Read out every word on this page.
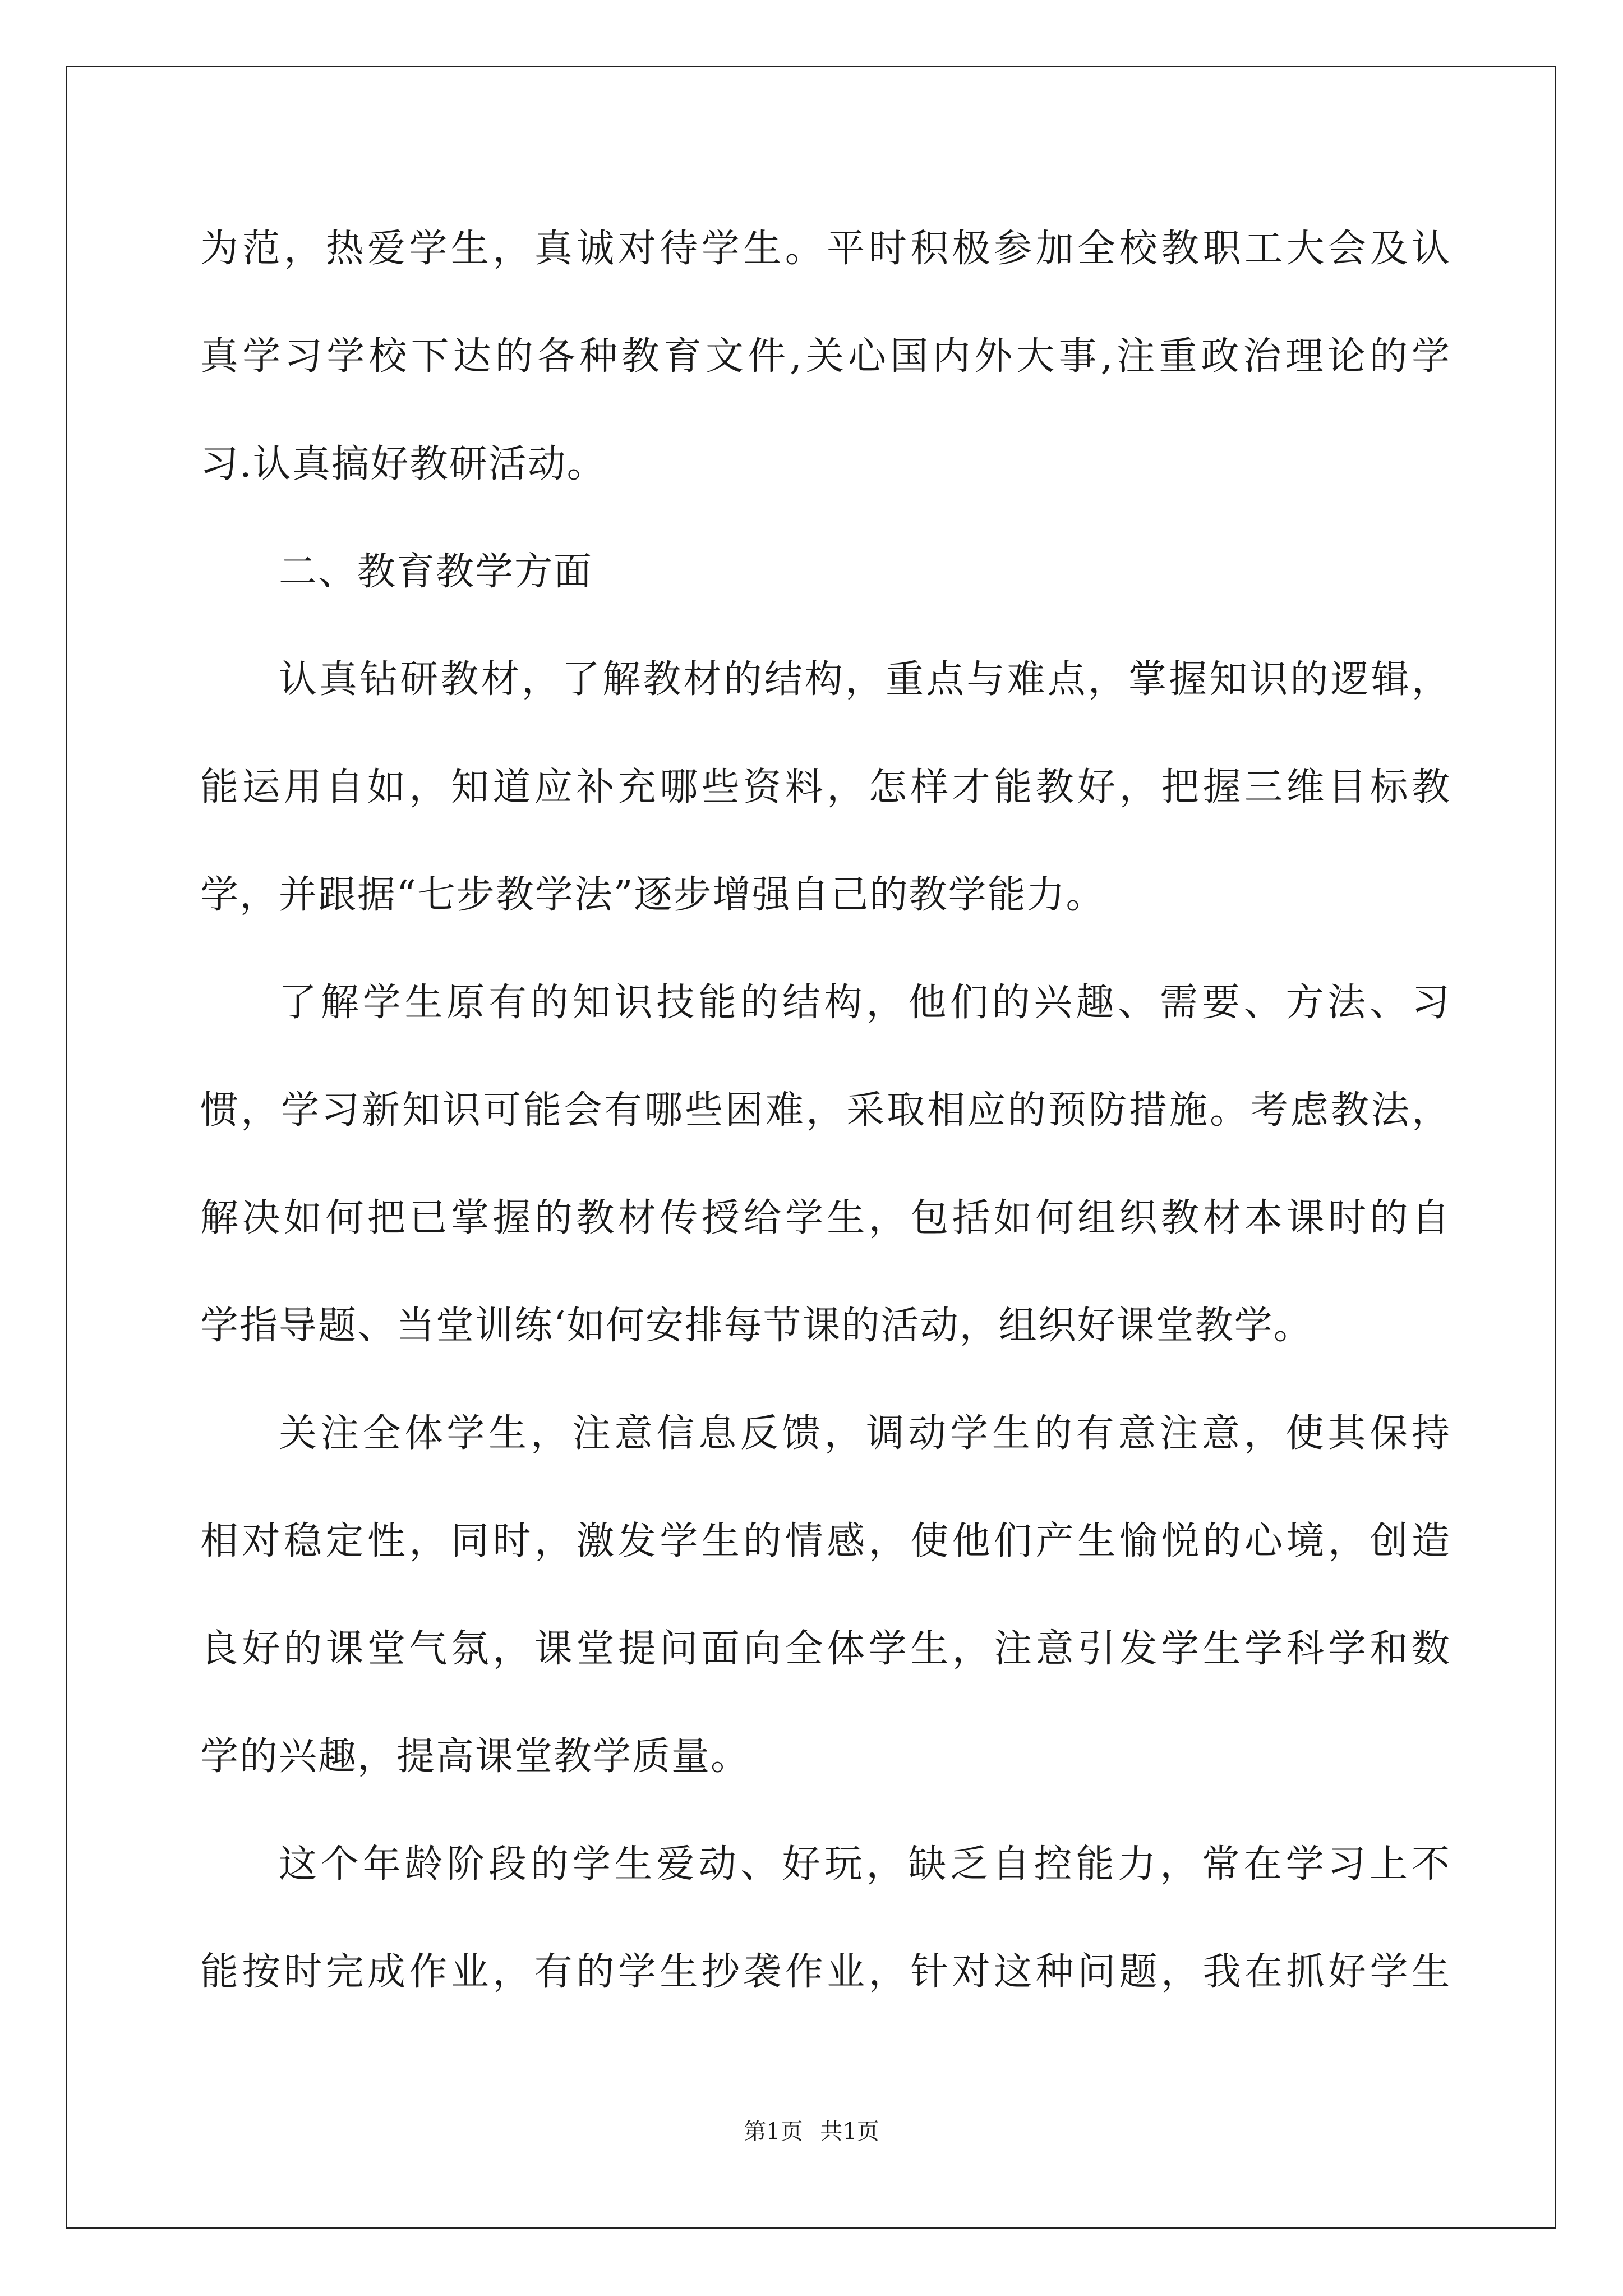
为范，热爱学生，真诚对待学生。平时积极参加全校教职工大会及认

真学习学校下达的各种教育文件,关心国内外大事,注重政治理论的学

习.认真搞好教研活动。

二、教育教学方面

认真钻研教材，了解教材的结构，重点与难点，掌握知识的逻辑，

能运用自如，知道应补充哪些资料，怎样才能教好，把握三维目标教

学，并跟据“七步教学法”逐步增强自己的教学能力。

了解学生原有的知识技能的结构，他们的兴趣、需要、方法、习

惯，学习新知识可能会有哪些困难，采取相应的预防措施。考虑教法，

解决如何把已掌握的教材传授给学生，包括如何组织教材本课时的自

学指导题、当堂训练‘如何安排每节课的活动，组织好课堂教学。

关注全体学生，注意信息反馈，调动学生的有意注意，使其保持

相对稳定性，同时，激发学生的情感，使他们产生愉悦的心境，创造

良好的课堂气氛，课堂提问面向全体学生，注意引发学生学科学和数

学的兴趣，提高课堂教学质量。

这个年龄阶段的学生爱动、好玩，缺乏自控能力，常在学习上不

能按时完成作业，有的学生抄袭作业，针对这种问题，我在抓好学生

第1页 共1页
